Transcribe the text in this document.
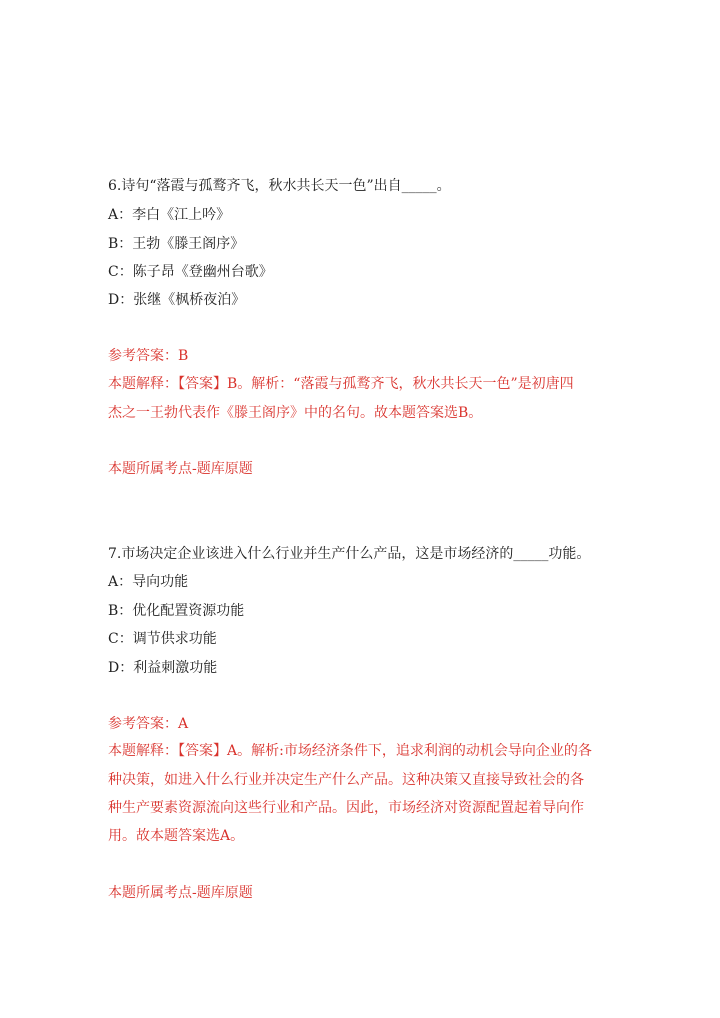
6.诗句“落霞与孤鹜齐飞，秋水共长天一色”出自_____。
A：李白《江上吟》
B：王勃《滕王阁序》
C：陈子昂《登幽州台歌》
D：张继《枫桥夜泊》
参考答案：B
本题解释：【答案】B。解析：“落霞与孤鹜齐飞，秋水共长天一色”是初唐四
杰之一王勃代表作《滕王阁序》中的名句。故本题答案选B。
本题所属考点-题库原题
7.市场决定企业该进入什么行业并生产什么产品，这是市场经济的_____功能。
A：导向功能
B：优化配置资源功能
C：调节供求功能
D：利益刺激功能
参考答案：A
本题解释：【答案】A。解析:市场经济条件下，追求利润的动机会导向企业的各
种决策，如进入什么行业并决定生产什么产品。这种决策又直接导致社会的各
种生产要素资源流向这些行业和产品。因此，市场经济对资源配置起着导向作
用。故本题答案选A。
本题所属考点-题库原题
